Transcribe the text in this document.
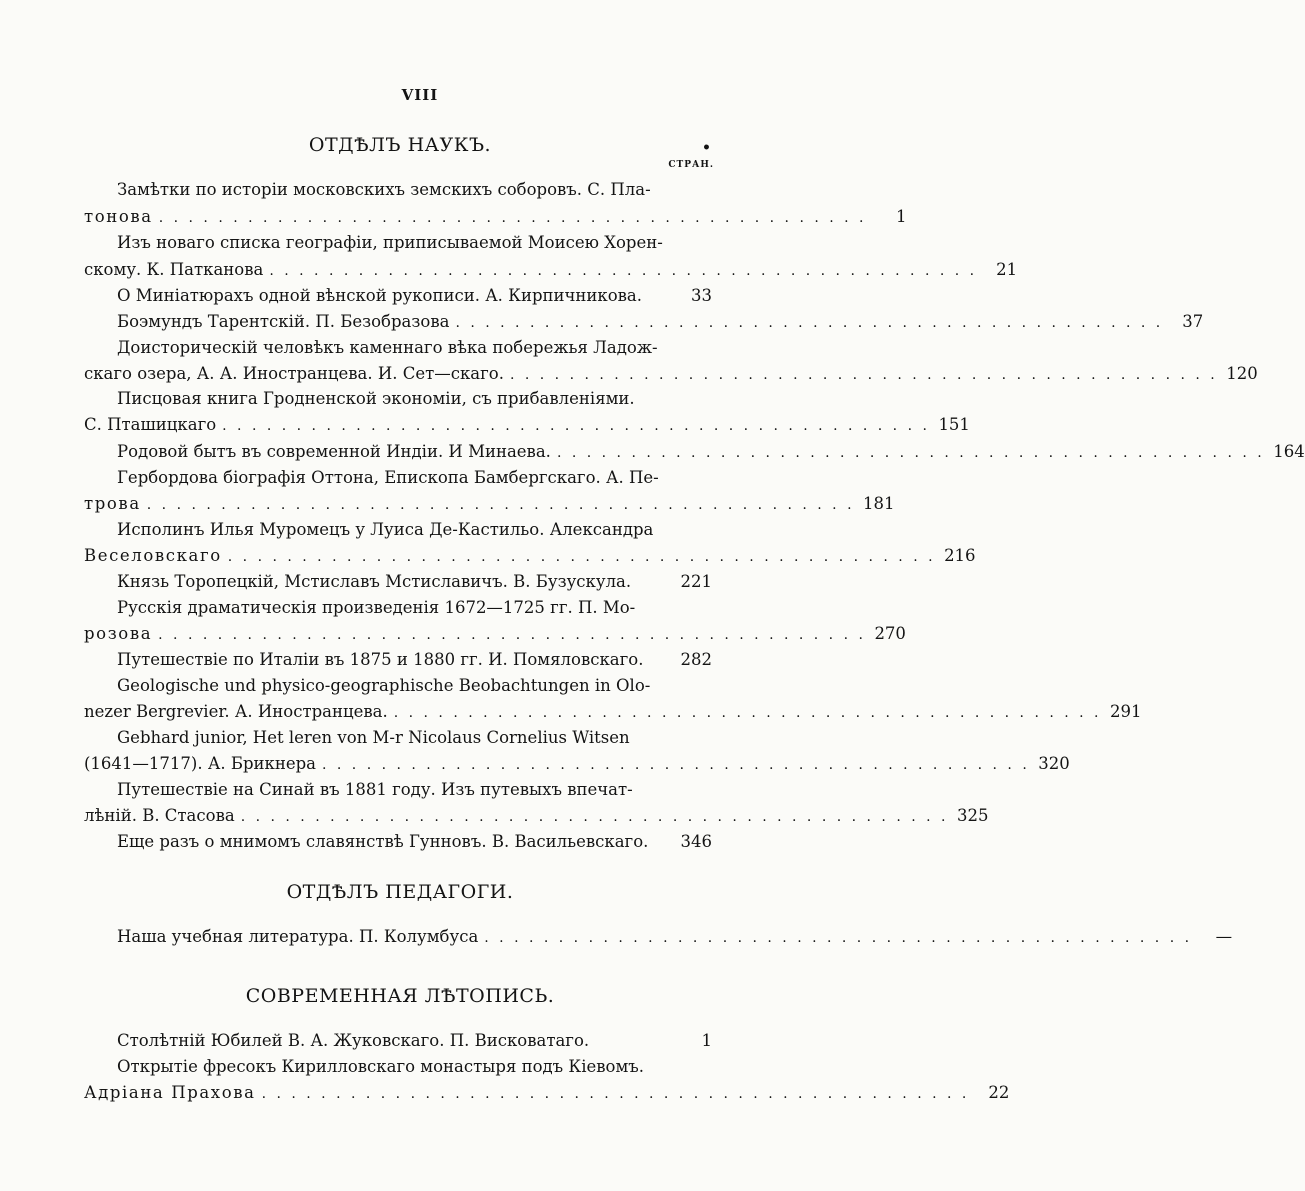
VIII
ОТДѢЛЪ НАУКЪ.	•
СТРАН.
Замѣтки по исторіи московскихъ земскихъ соборовъ. С. Пла-
тонова . . . . . . . . . . . . . . . . . . . . . . . . . . . . . . . . . . . . . . . . . . . . . . . .	1
Изъ новаго списка географіи, приписываемой Моисею Хорен-
скому. К. Патканова . . . . . . . . . . . . . . . . . . . . . . . . . . . . . . . . . . . . . . . . . . . . . . . .	21
О Миніатюрахъ одной вѣнской рукописи. А. Кирпичникова.	33
Боэмундъ Тарентскій. П. Безобразова . . . . . . . . . . . . . . . . . . . . . . . . . . . . . . . . . . . . . . . . . . . . . . . .	37
Доисторическій человѣкъ каменнаго вѣка побережья Ладож-
скаго озера, А. А. Иностранцева. И. Сет—скаго. . . . . . . . . . . . . . . . . . . . . . . . . . . . . . . . . . . . . . . . . . . . . . . . . 120
Писцовая книга Гродненской экономіи, съ прибавленіями.
С. Пташицкаго . . . . . . . . . . . . . . . . . . . . . . . . . . . . . . . . . . . . . . . . . . . . . . . . 151
Родовой бытъ въ современной Индіи. И Минаева. . . . . . . . . . . . . . . . . . . . . . . . . . . . . . . . . . . . . . . . . . . . . . . . . 164
Гербордова біографія Оттона, Епископа Бамбергскаго. А. Пе-
трова . . . . . . . . . . . . . . . . . . . . . . . . . . . . . . . . . . . . . . . . . . . . . . . . 181
Исполинъ Илья Муромецъ у Луиса Де-Кастильо. Александра
Веселовскаго . . . . . . . . . . . . . . . . . . . . . . . . . . . . . . . . . . . . . . . . . . . . . . . . 216
Князь Торопецкій, Мстиславъ Мстиславичъ. В. Бузускула.	221
Русскія драматическія произведенія 1672—1725 гг. П. Мо-
розова . . . . . . . . . . . . . . . . . . . . . . . . . . . . . . . . . . . . . . . . . . . . . . . . 270
Путешествіе по Италіи въ 1875 и 1880 гг. И. Помяловскаго. 282
Geologische und physico-geographische Beobachtungen in Olo-
nezer Bergrevier. А. Иностранцева. . . . . . . . . . . . . . . . . . . . . . . . . . . . . . . . . . . . . . . . . . . . . . . . . 291
Gebhard junior, Het leren von M-r Nicolaus Cornelius Witsen
(1641—1717). А. Брикнера . . . . . . . . . . . . . . . . . . . . . . . . . . . . . . . . . . . . . . . . . . . . . . . . 320
Путешествіе на Синай въ 1881 году. Изъ путевыхъ впечат-
лѣній. В. Стасова . . . . . . . . . . . . . . . . . . . . . . . . . . . . . . . . . . . . . . . . . . . . . . . . 325
Еще разъ о мнимомъ славянствѣ Гунновъ. В. Васильевскаго. 346
ОТДѢЛЪ ПЕДАГОГИ.
Наша учебная литература. П. Колумбуса . . . . . . . . . . . . . . . . . . . . . . . . . . . . . . . . . . . . . . . . . . . . . . . .	—
СОВРЕМЕННАЯ ЛѢТОПИСЬ.
Столѣтній Юбилей В. А. Жуковскаго. П. Висковатаго.	1
Открытіе фресокъ Кирилловскаго монастыря подъ Кіевомъ.
Адріана Прахова . . . . . . . . . . . . . . . . . . . . . . . . . . . . . . . . . . . . . . . . . . . . . . . .	22
